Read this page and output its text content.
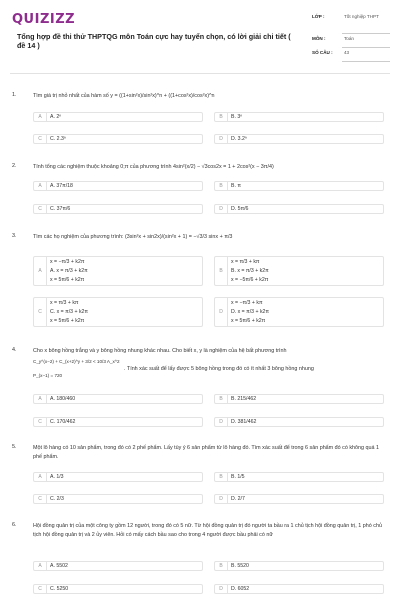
QUIZIZZ
Tổng hợp đề thi thử THPTQG môn Toán cực hay tuyển chọn, có lời giải chi tiết ( đề 14 )
LỚP :	Tốt nghiệp THPT
MÔN :	Toán
SỐ CÂU : 43
1.	Tìm giá trị nhỏ nhất của hàm số y = ((1+sin²x)/sin²x)^n + ((1+cos²x)/cos²x)^n
A	A. 2ⁿ	B	B. 3ⁿ
C	C. 2.3ⁿ	D	D. 3.2ⁿ
2.	Tính tổng các nghiệm thuộc khoảng 0;π của phương trình 4sin²(x/2) − √3cos2x = 1 + 2cos²(x − 3π/4)
A	A. 37π/18	B	B. π
C	C. 37π/6	D	D. 5π/6
3.	Tìm các họ nghiệm của phương trình: (3sin²x + sin2x)/(sin²x + 1) = −√3/3 sinx + π/3
A
x = −π/3 + k2π
A. x = π/3 + k2π
x = 5π/6 + k2π
B
x = π/3 + kπ
B. x = π/3 + k2π
x = −5π/6 + k2π
C
x = π/3 + kπ
C. x = π/3 + k2π
x = 5π/6 + k2π
D
x = −π/3 + kπ
D. x = π/3 + k2π
x = 5π/6 + k2π
4.	Cho x bông hồng trắng và y bông hồng nhung khác nhau. Cho biết x, y là nghiệm của hệ bất phương trình
C_y^(x−2) + C_(x+2)^y + 3/2 < 10/3 A_x^2
P_(x−1) = 720
. Tính xác suất để lấy được 5 bông hồng trong đó có ít nhất 3 bông hồng nhung
A	A. 180/460	B	B. 215/462
C	C. 170/462	D	D. 381/462
5.	Một lô hàng có 10 sản phẩm, trong đó có 2 phế phẩm. Lấy tùy ý 6 sản phẩm từ lô hàng đó. Tìm xác suất để trong 6 sản phẩm đó có không quá 1 phế phẩm.
A	A. 1/3	B	B. 1/5
C	C. 2/3	D	D. 2/7
6.	Hội đồng quản trị của một công ty gồm 12 người, trong đó có 5 nữ. Từ hội đồng quản trị đó người ta bầu ra 1 chủ tịch hội đồng quản trị, 1 phó chủ tịch hội đồng quản trị và 2 ủy viên. Hỏi có mấy cách bầu sao cho trong 4 người được bầu phải có nữ
A	A. 5502	B	B. 5520
C	C. 5250	D	D. 6052
